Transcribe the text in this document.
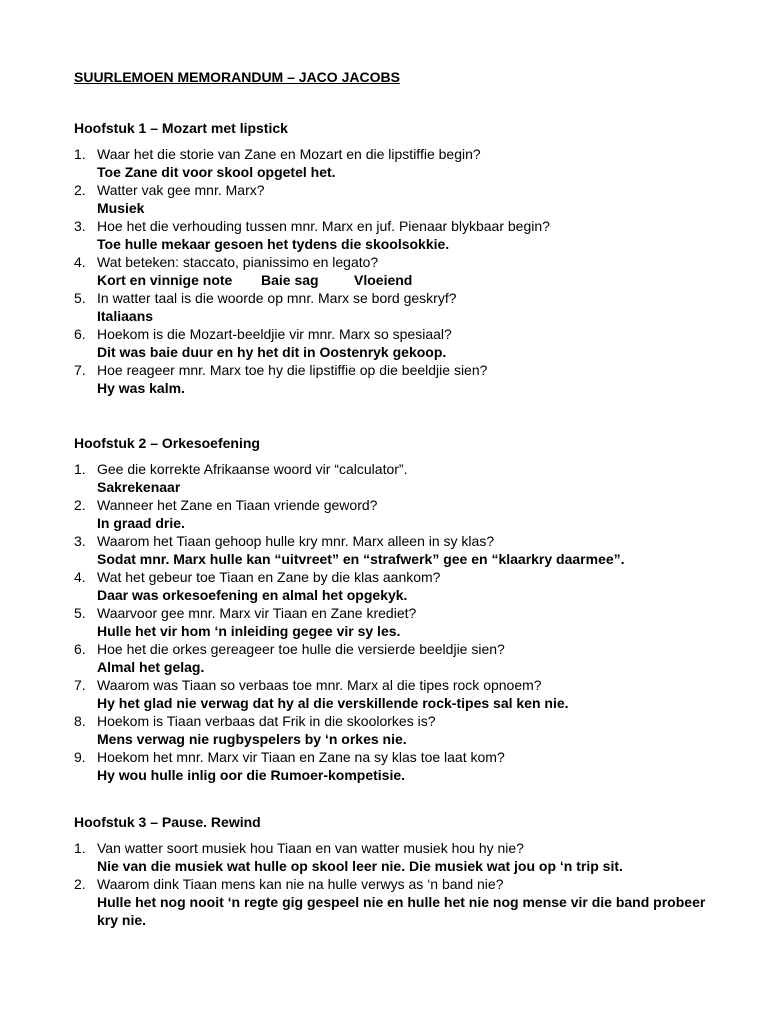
SUURLEMOEN MEMORANDUM – JACO JACOBS
Hoofstuk 1 – Mozart met lipstick
1. Waar het die storie van Zane en Mozart en die lipstiffie begin?
Toe Zane dit voor skool opgetel het.
2. Watter vak gee mnr. Marx?
Musiek
3. Hoe het die verhouding tussen mnr. Marx en juf. Pienaar blykbaar begin?
Toe hulle mekaar gesoen het tydens die skoolsokkie.
4. Wat beteken: staccato, pianissimo en legato?
Kort en vinnige note Baie sag	Vloeiend
5. In watter taal is die woorde op mnr. Marx se bord geskryf?
Italiaans
6. Hoekom is die Mozart-beeldjie vir mnr. Marx so spesiaal?
Dit was baie duur en hy het dit in Oostenryk gekoop.
7. Hoe reageer mnr. Marx toe hy die lipstiffie op die beeldjie sien?
Hy was kalm.
Hoofstuk 2 – Orkesoefening
1. Gee die korrekte Afrikaanse woord vir “calculator”.
Sakrekenaar
2. Wanneer het Zane en Tiaan vriende geword?
In graad drie.
3. Waarom het Tiaan gehoop hulle kry mnr. Marx alleen in sy klas?
Sodat mnr. Marx hulle kan “uitvreet” en “strafwerk” gee en “klaarkry daarmee”.
4. Wat het gebeur toe Tiaan en Zane by die klas aankom?
Daar was orkesoefening en almal het opgekyk.
5. Waarvoor gee mnr. Marx vir Tiaan en Zane krediet?
Hulle het vir hom ‘n inleiding gegee vir sy les.
6. Hoe het die orkes gereageer toe hulle die versierde beeldjie sien?
Almal het gelag.
7. Waarom was Tiaan so verbaas toe mnr. Marx al die tipes rock opnoem?
Hy het glad nie verwag dat hy al die verskillende rock-tipes sal ken nie.
8. Hoekom is Tiaan verbaas dat Frik in die skoolorkes is?
Mens verwag nie rugbyspelers by ‘n orkes nie.
9. Hoekom het mnr. Marx vir Tiaan en Zane na sy klas toe laat kom?
Hy wou hulle inlig oor die Rumoer-kompetisie.
Hoofstuk 3 – Pause. Rewind
1. Van watter soort musiek hou Tiaan en van watter musiek hou hy nie?
Nie van die musiek wat hulle op skool leer nie. Die musiek wat jou op ‘n trip sit.
2. Waarom dink Tiaan mens kan nie na hulle verwys as ‘n band nie?
Hulle het nog nooit ‘n regte gig gespeel nie en hulle het nie nog mense vir die band probeer kry nie.
